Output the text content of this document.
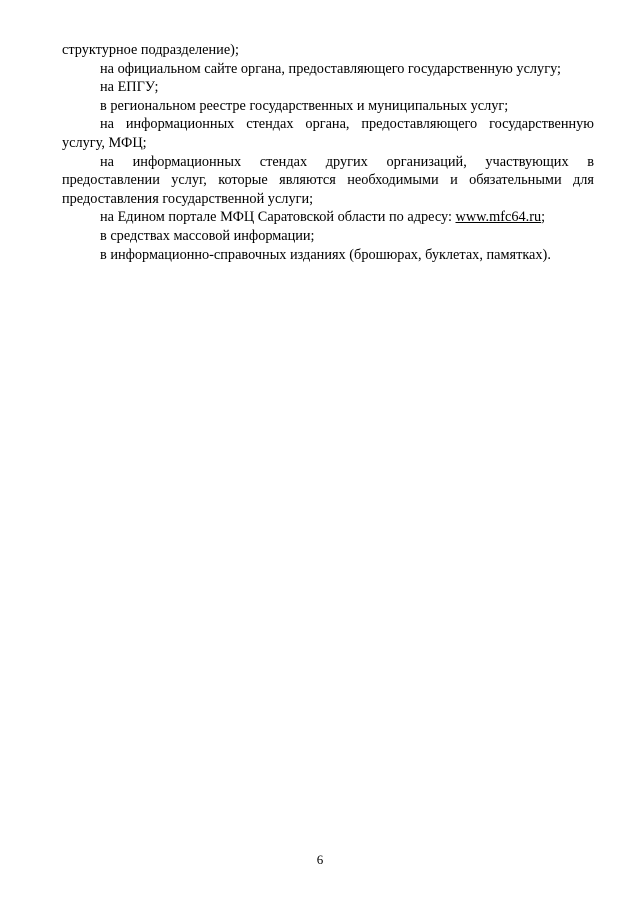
структурное подразделение);

на официальном сайте органа, предоставляющего государственную услугу;

на ЕПГУ;

в региональном реестре государственных и муниципальных услуг;

на информационных стендах органа, предоставляющего государственную услугу, МФЦ;

на информационных стендах других организаций, участвующих в предоставлении услуг, которые являются необходимыми и обязательными для предоставления государственной услуги;

на Едином портале МФЦ Саратовской области по адресу: www.mfc64.ru;

в средствах массовой информации;

в информационно-справочных изданиях (брошюрах, буклетах, памятках).

6
